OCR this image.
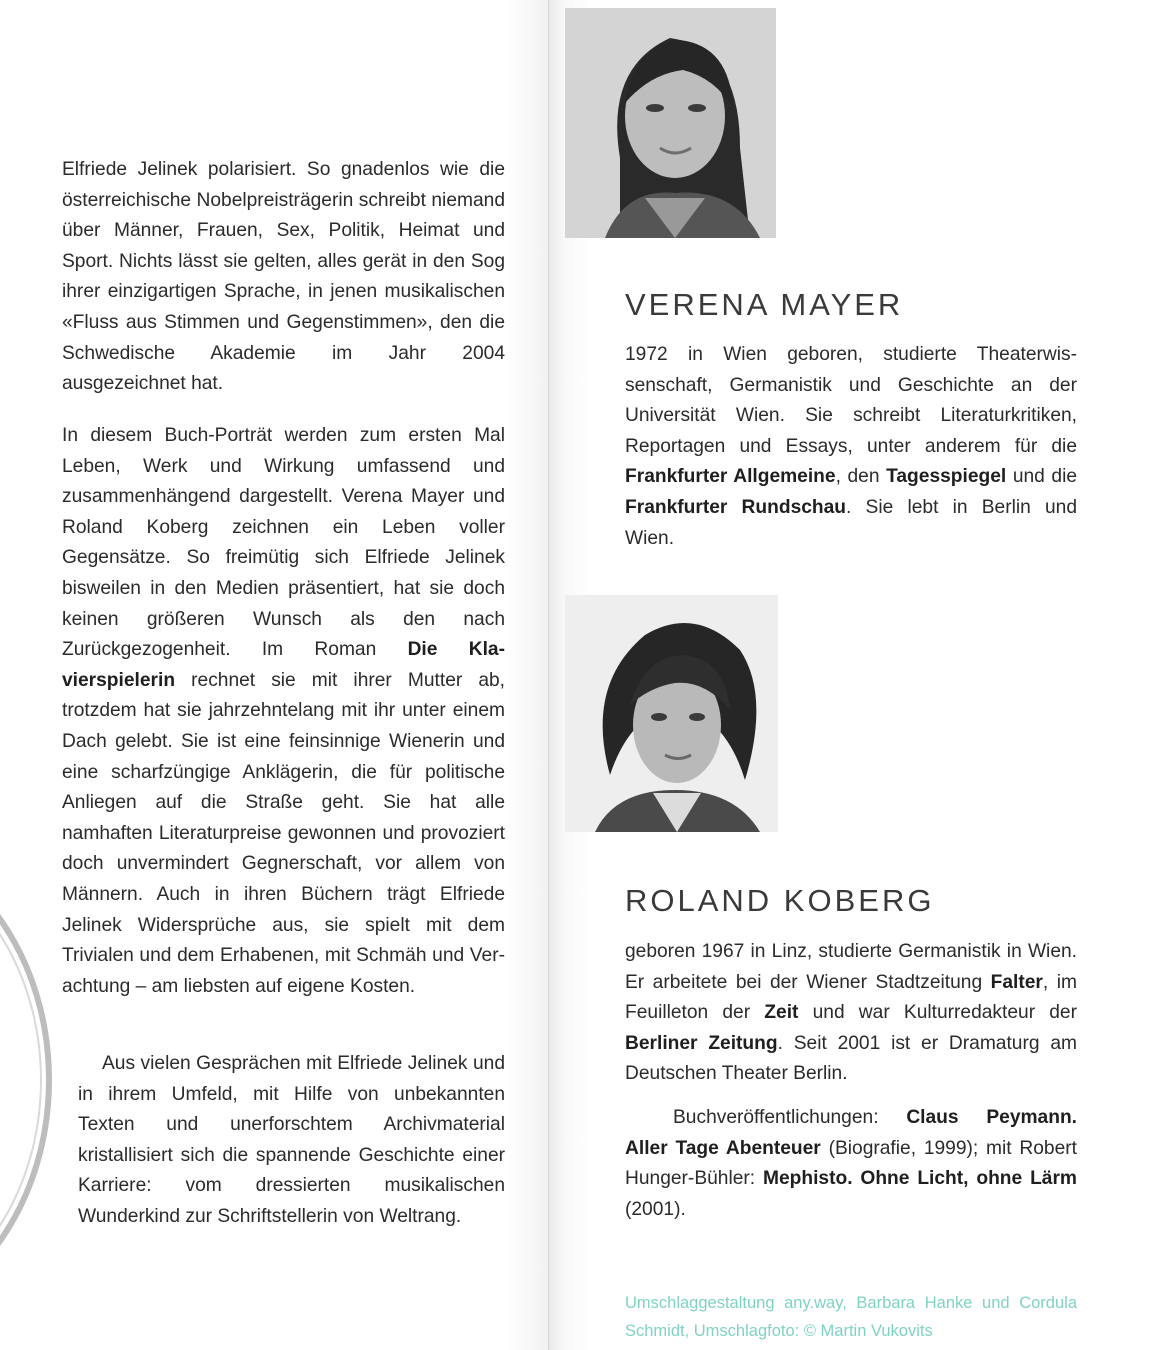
Elfriede Jelinek polarisiert. So gnadenlos wie die österreichische Nobelpreisträgerin schreibt niemand über Männer, Frauen, Sex, Politik, Heimat und Sport. Nichts lässt sie gelten, alles gerät in den Sog ihrer einzigartigen Sprache, in jenen musikalischen «Fluss aus Stimmen und Gegenstimmen», den die Schwedische Akademie im Jahr 2004 ausgezeichnet hat.

In diesem Buch-Porträt werden zum ersten Mal Leben, Werk und Wirkung umfassend und zusammenhängend dargestellt. Verena Mayer und Roland Koberg zeichnen ein Leben voller Gegensätze. So freimütig sich Elfriede Jelinek bisweilen in den Medien präsentiert, hat sie doch keinen größeren Wunsch als den nach Zurückgezogenheit. Im Roman Die Klavierspielerin rechnet sie mit ihrer Mutter ab, trotzdem hat sie jahrzehntelang mit ihr unter einem Dach gelebt. Sie ist eine feinsinnige Wienerin und eine scharfzüngige Anklägerin, die für politische Anliegen auf die Straße geht. Sie hat alle namhaften Literaturpreise gewonnen und provoziert doch unvermindert Gegnerschaft, vor allem von Männern. Auch in ihren Büchern trägt Elfriede Jelinek Widersprüche aus, sie spielt mit dem Trivialen und dem Erhabenen, mit Schmäh und Verachtung – am liebsten auf eigene Kosten.

Aus vielen Gesprächen mit Elfriede Jelinek und in ihrem Umfeld, mit Hilfe von unbekannten Texten und unerforschtem Archivmaterial kristallisiert sich die spannende Geschichte einer Karriere: vom dressierten musikalischen Wunderkind zur Schriftstellerin von Weltrang.

VERENA MAYER

1972 in Wien geboren, studierte Theaterwissenschaft, Germanistik und Geschichte an der Universität Wien. Sie schreibt Literaturkritiken, Reportagen und Essays, unter anderem für die Frankfurter Allgemeine, den Tagesspiegel und die Frankfurter Rundschau. Sie lebt in Berlin und Wien.

ROLAND KOBERG

geboren 1967 in Linz, studierte Germanistik in Wien. Er arbeitete bei der Wiener Stadtzeitung Falter, im Feuilleton der Zeit und war Kulturredakteur der Berliner Zeitung. Seit 2001 ist er Dramaturg am Deutschen Theater Berlin.

Buchveröffentlichungen: Claus Peymann. Aller Tage Abenteuer (Biografie, 1999); mit Robert Hunger-Bühler: Mephisto. Ohne Licht, ohne Lärm (2001).

Umschlaggestaltung any.way, Barbara Hanke und Cordula Schmidt, Umschlagfoto: © Martin Vukovits
